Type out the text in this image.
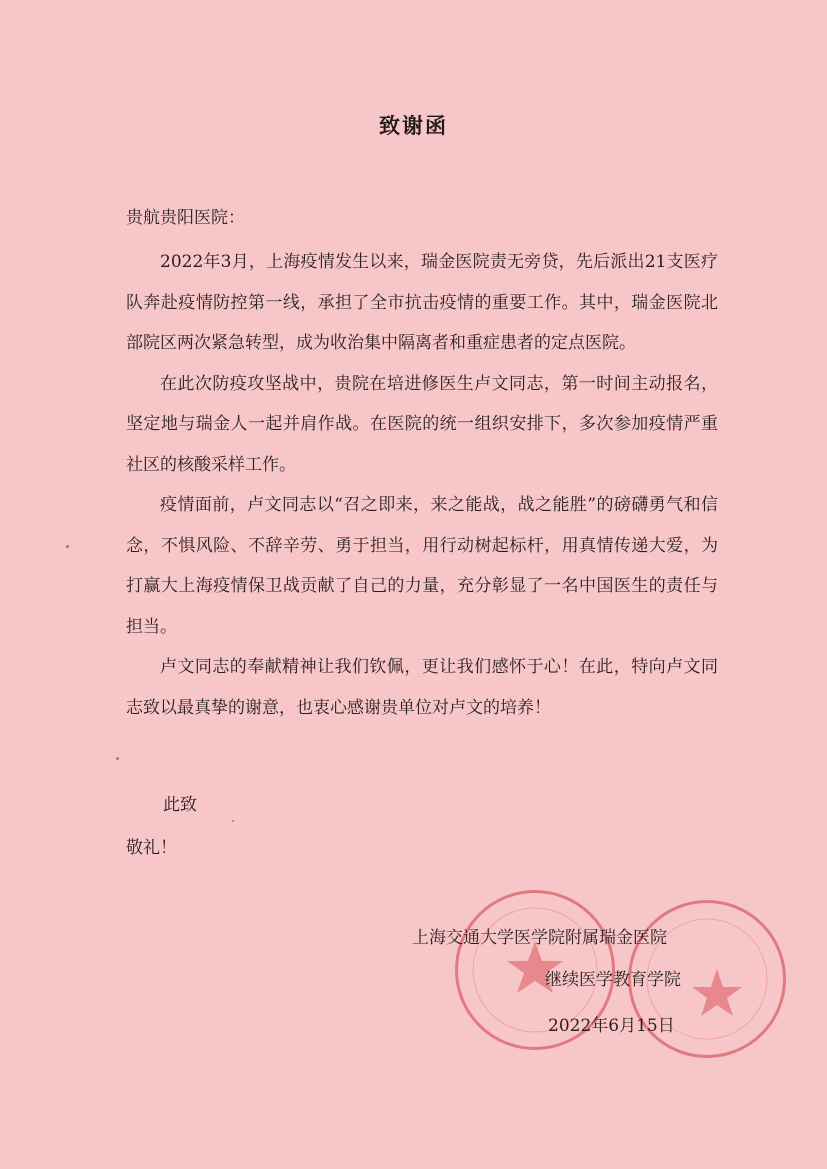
致谢函
贵航贵阳医院：

2022年3月，上海疫情发生以来，瑞金医院责无旁贷，先后派出21支医疗队奔赴疫情防控第一线，承担了全市抗击疫情的重要工作。其中，瑞金医院北部院区两次紧急转型，成为收治集中隔离者和重症患者的定点医院。

在此次防疫攻坚战中，贵院在培进修医生卢文同志，第一时间主动报名，坚定地与瑞金人一起并肩作战。在医院的统一组织安排下，多次参加疫情严重社区的核酸采样工作。

疫情面前，卢文同志以“召之即来，来之能战，战之能胜”的磅礴勇气和信念，不惧风险、不辞辛劳、勇于担当，用行动树起标杆，用真情传递大爱，为打赢大上海疫情保卫战贡献了自己的力量，充分彰显了一名中国医生的责任与担当。

卢文同志的奉献精神让我们钦佩，更让我们感怀于心！在此，特向卢文同志致以最真挚的谢意，也衷心感谢贵单位对卢文的培养！

此致
敬礼！
上海交通大学医学院附属瑞金医院
继续医学教育学院
2022年6月15日
